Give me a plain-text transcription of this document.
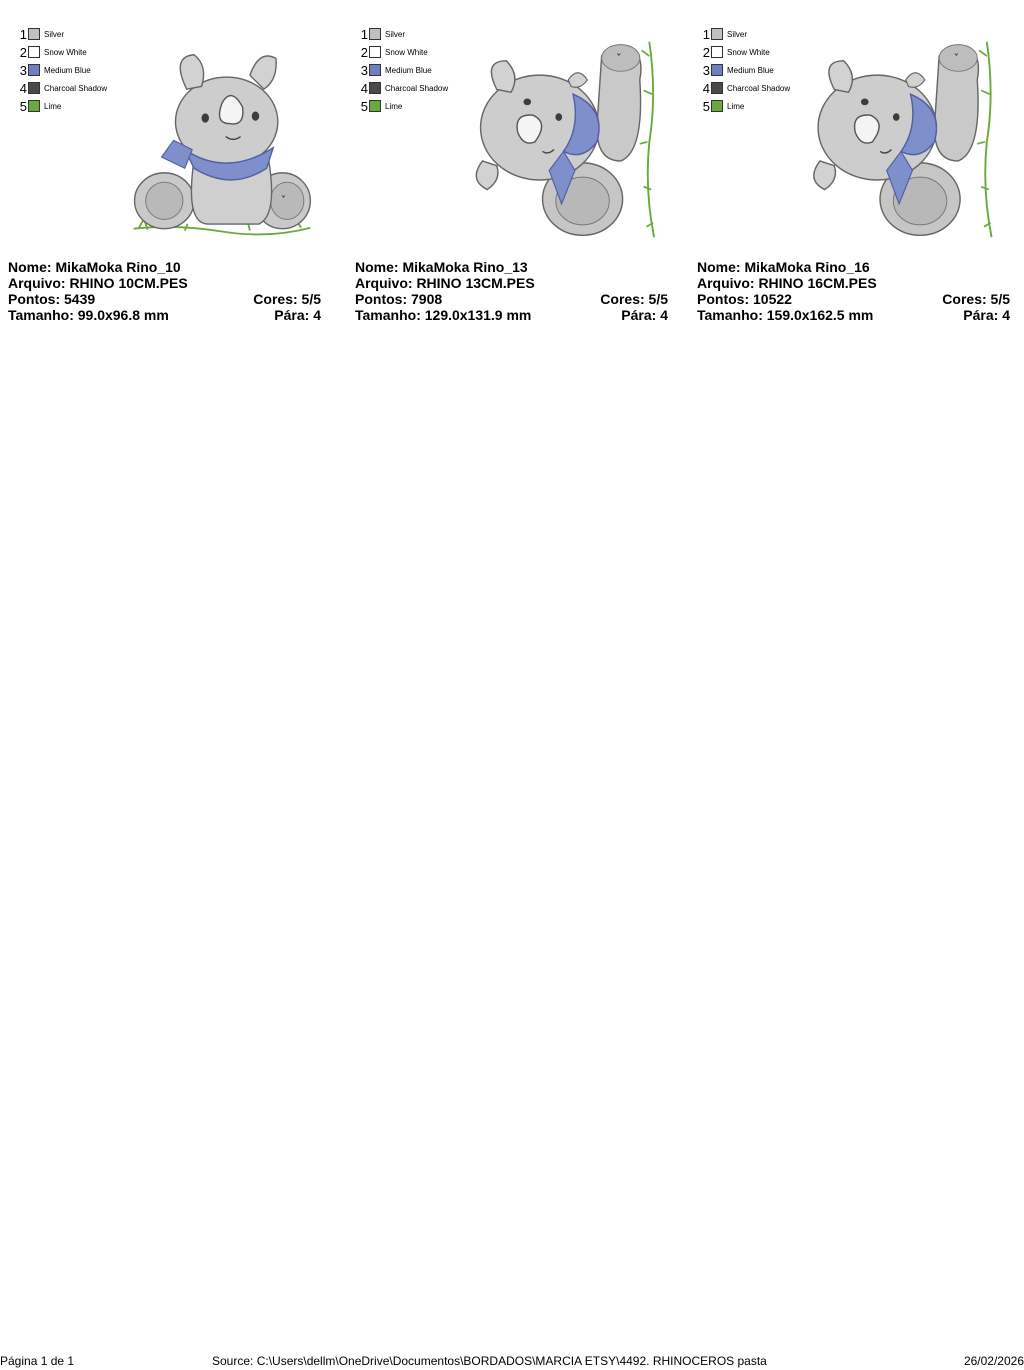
1 Silver
2 Snow White
3 Medium Blue
4 Charcoal Shadow
5 Lime
Nome: MikaMoka Rino_10
Arquivo: RHINO 10CM.PES
Pontos: 5439	Cores: 5/5
Tamanho: 99.0x96.8 mm	Pára: 4
1 Silver
2 Snow White
3 Medium Blue
4 Charcoal Shadow
5 Lime
Nome: MikaMoka Rino_13
Arquivo: RHINO 13CM.PES
Pontos: 7908	Cores: 5/5
Tamanho: 129.0x131.9 mm	Pára: 4
1 Silver
2 Snow White
3 Medium Blue
4 Charcoal Shadow
5 Lime
Nome: MikaMoka Rino_16
Arquivo: RHINO 16CM.PES
Pontos: 10522	Cores: 5/5
Tamanho: 159.0x162.5 mm	Pára: 4
Página 1 de 1	Source: C:\Users\dellm\OneDrive\Documentos\BORDADOS\MARCIA ETSY\4492. RHINOCEROS pasta	26/02/2026
